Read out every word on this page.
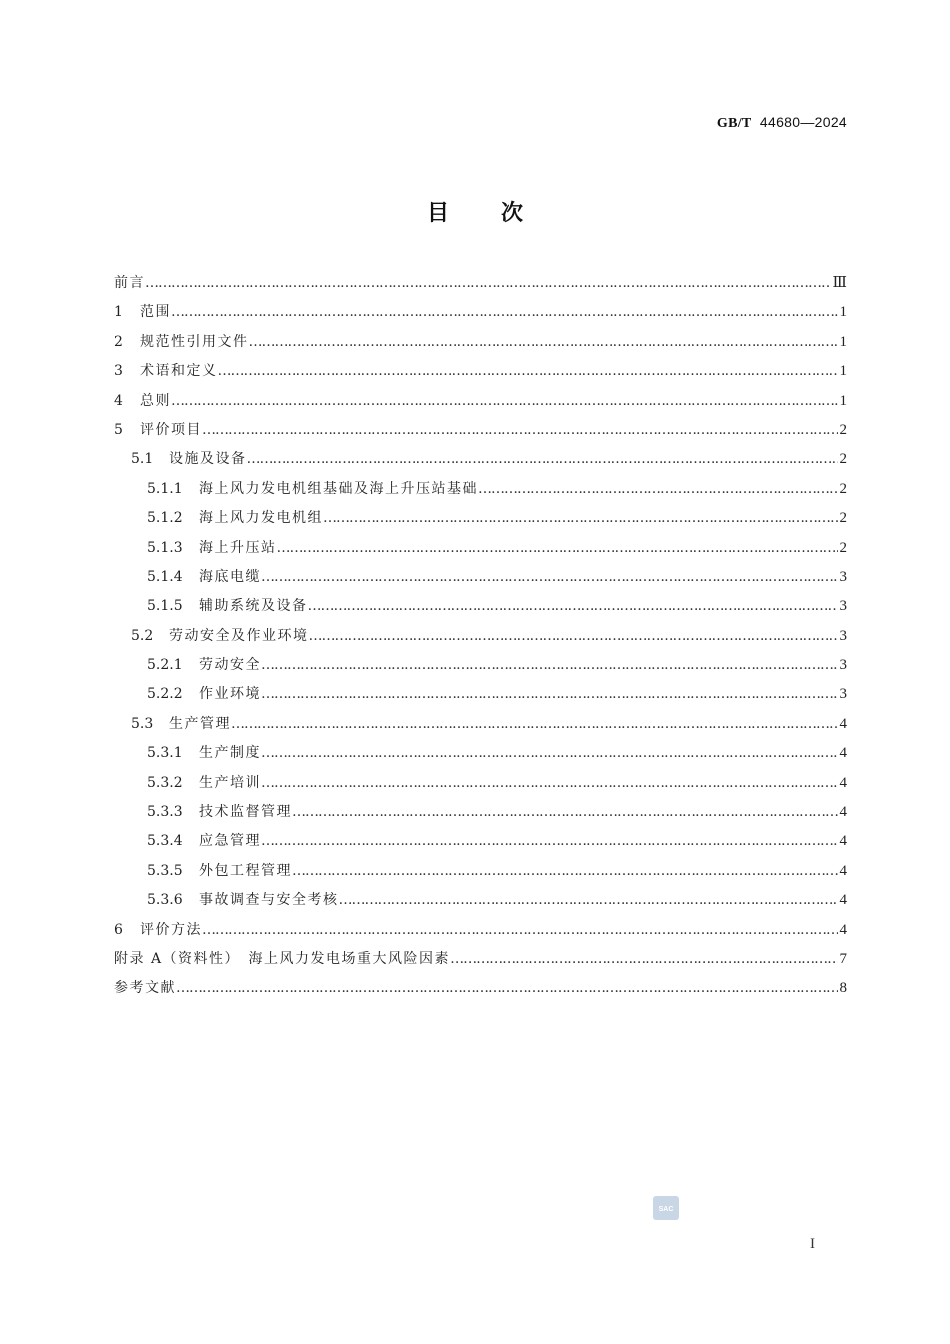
GB/T 44680—2024
目 次
前言 ……………………………………………………………………………………………………………………………………………………………………………………………………………………………………………	Ⅲ
1	范围 ……………………………………………………………………………………………………………………………………………………………………………………………………………………………………………	1
2	规范性引用文件 ……………………………………………………………………………………………………………………………………………………………………………………………………………………………………………	1
3	术语和定义 ……………………………………………………………………………………………………………………………………………………………………………………………………………………………………………	1
4	总则 ……………………………………………………………………………………………………………………………………………………………………………………………………………………………………………	1
5	评价项目 ……………………………………………………………………………………………………………………………………………………………………………………………………………………………………………	2
5.1	设施及设备 ……………………………………………………………………………………………………………………………………………………………………………………………………………………………………………	2
5.1.1	海上风力发电机组基础及海上升压站基础 ……………………………………………………………………………………………………………………………………………………………………………………………………………………………………………	2
5.1.2	海上风力发电机组 ……………………………………………………………………………………………………………………………………………………………………………………………………………………………………………	2
5.1.3	海上升压站 ……………………………………………………………………………………………………………………………………………………………………………………………………………………………………………	2
5.1.4	海底电缆 ……………………………………………………………………………………………………………………………………………………………………………………………………………………………………………	3
5.1.5	辅助系统及设备 ……………………………………………………………………………………………………………………………………………………………………………………………………………………………………………	3
5.2	劳动安全及作业环境 ……………………………………………………………………………………………………………………………………………………………………………………………………………………………………………	3
5.2.1	劳动安全 ……………………………………………………………………………………………………………………………………………………………………………………………………………………………………………	3
5.2.2	作业环境 ……………………………………………………………………………………………………………………………………………………………………………………………………………………………………………	3
5.3	生产管理 ……………………………………………………………………………………………………………………………………………………………………………………………………………………………………………	4
5.3.1	生产制度 ……………………………………………………………………………………………………………………………………………………………………………………………………………………………………………	4
5.3.2	生产培训 ……………………………………………………………………………………………………………………………………………………………………………………………………………………………………………	4
5.3.3	技术监督管理 ……………………………………………………………………………………………………………………………………………………………………………………………………………………………………………	4
5.3.4	应急管理 ……………………………………………………………………………………………………………………………………………………………………………………………………………………………………………	4
5.3.5	外包工程管理 ……………………………………………………………………………………………………………………………………………………………………………………………………………………………………………	4
5.3.6	事故调查与安全考核 ……………………………………………………………………………………………………………………………………………………………………………………………………………………………………………	4
6	评价方法 ……………………………………………………………………………………………………………………………………………………………………………………………………………………………………………	4
附录 A（资料性）　海上风力发电场重大风险因素 ……………………………………………………………………………………………………………………………………………………………………………………………………………………………………………	7
参考文献 ……………………………………………………………………………………………………………………………………………………………………………………………………………………………………………	8
SAC
I
